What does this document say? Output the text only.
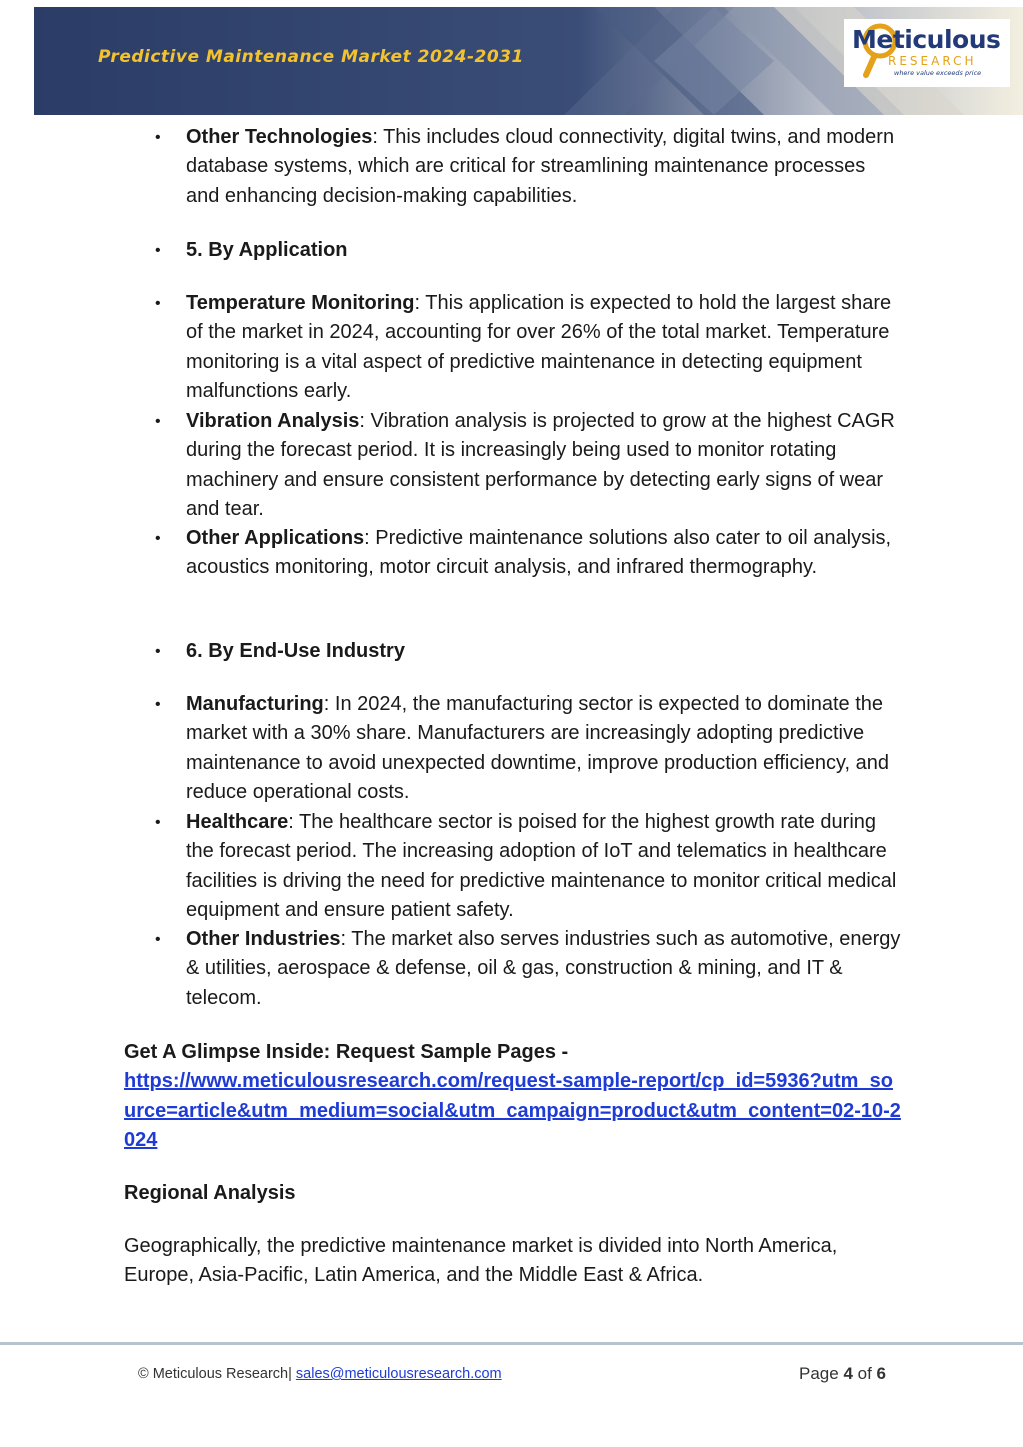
Predictive Maintenance Market 2024-2031
Meticulous
RESEARCH
where value exceeds price
• Other Technologies: This includes cloud connectivity, digital twins, and modern database systems, which are critical for streamlining maintenance processes and enhancing decision-making capabilities.
• 5. By Application
• Temperature Monitoring: This application is expected to hold the largest share of the market in 2024, accounting for over 26% of the total market. Temperature monitoring is a vital aspect of predictive maintenance in detecting equipment malfunctions early.
• Vibration Analysis: Vibration analysis is projected to grow at the highest CAGR during the forecast period. It is increasingly being used to monitor rotating machinery and ensure consistent performance by detecting early signs of wear and tear.
• Other Applications: Predictive maintenance solutions also cater to oil analysis, acoustics monitoring, motor circuit analysis, and infrared thermography.
• 6. By End-Use Industry
• Manufacturing: In 2024, the manufacturing sector is expected to dominate the market with a 30% share. Manufacturers are increasingly adopting predictive maintenance to avoid unexpected downtime, improve production efficiency, and reduce operational costs.
• Healthcare: The healthcare sector is poised for the highest growth rate during the forecast period. The increasing adoption of IoT and telematics in healthcare facilities is driving the need for predictive maintenance to monitor critical medical equipment and ensure patient safety.
• Other Industries: The market also serves industries such as automotive, energy & utilities, aerospace & defense, oil & gas, construction & mining, and IT & telecom.
Get A Glimpse Inside: Request Sample Pages -
https://www.meticulousresearch.com/request-sample-report/cp_id=5936?utm_source=article&utm_medium=social&utm_campaign=product&utm_content=02-10-2024
Regional Analysis
Geographically, the predictive maintenance market is divided into North America, Europe, Asia-Pacific, Latin America, and the Middle East & Africa.
© Meticulous Research| sales@meticulousresearch.com	Page 4 of 6
